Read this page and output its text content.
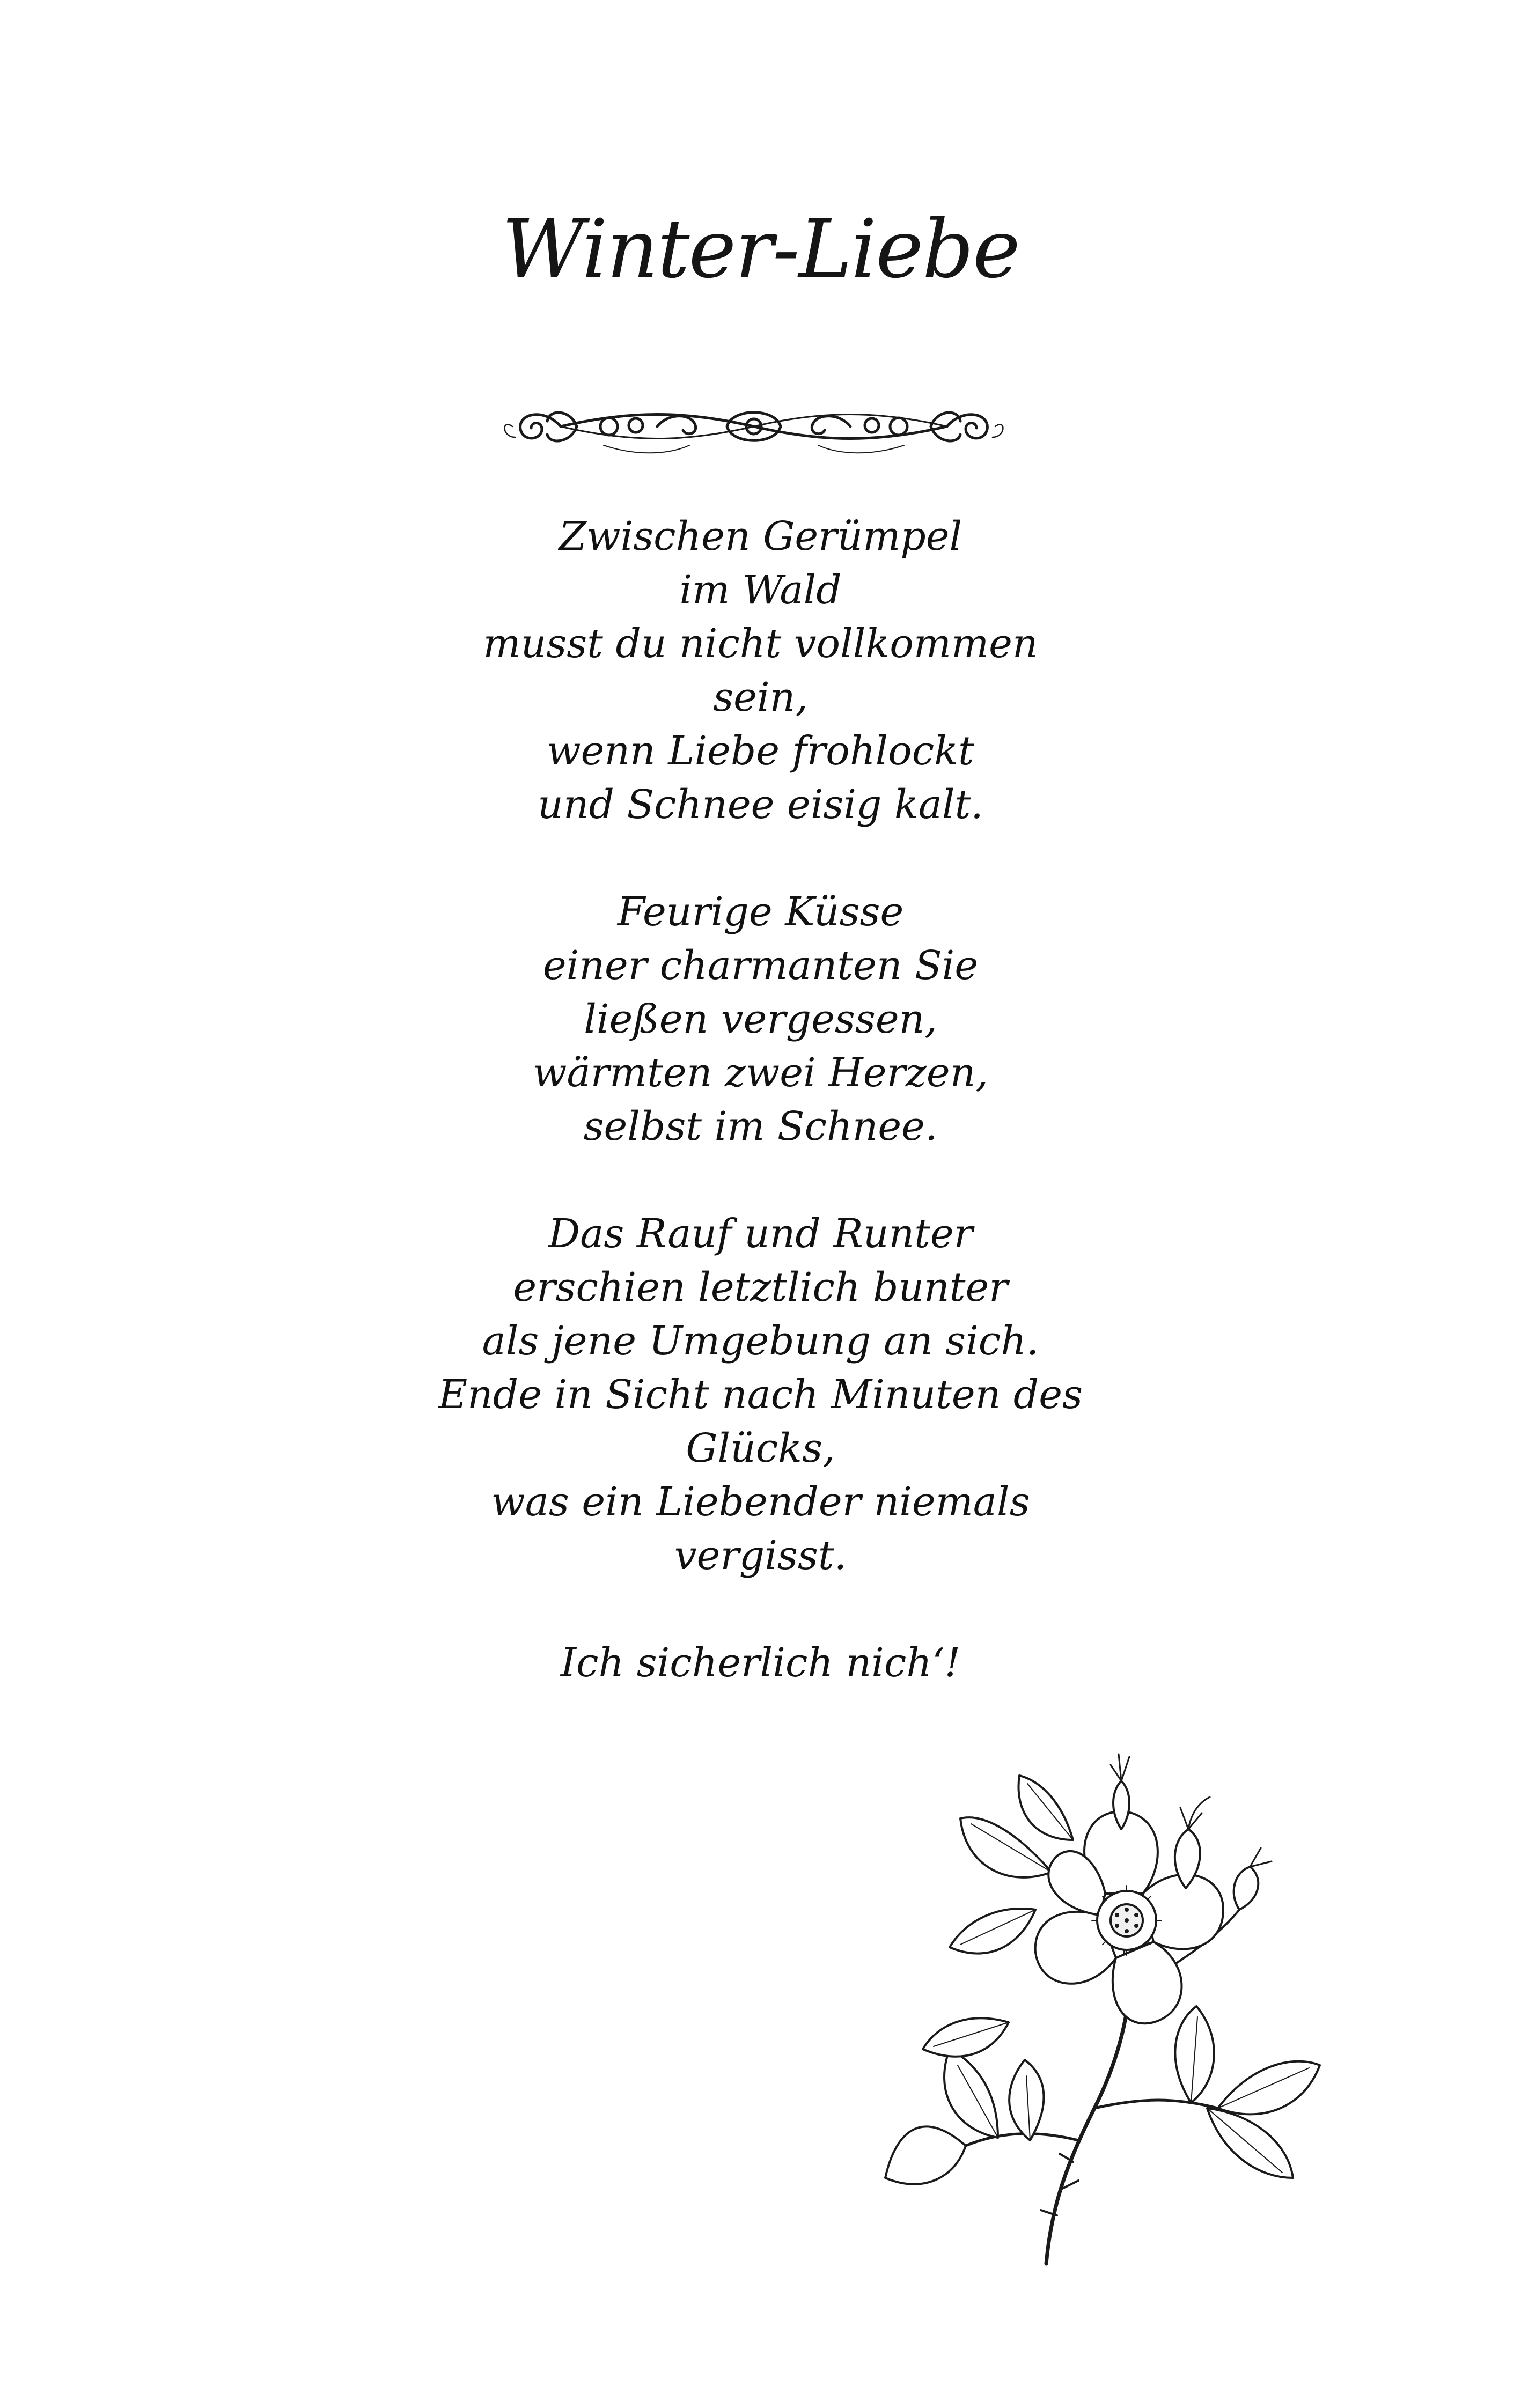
Winter-Liebe
Zwischen Gerümpel
im Wald
musst du nicht vollkommen
sein,
wenn Liebe frohlockt
und Schnee eisig kalt.
Feurige Küsse
einer charmanten Sie
ließen vergessen,
wärmten zwei Herzen,
selbst im Schnee.
Das Rauf und Runter
erschien letztlich bunter
als jene Umgebung an sich.
Ende in Sicht nach Minuten des
Glücks,
was ein Liebender niemals
vergisst.
Ich sicherlich nich‘!
